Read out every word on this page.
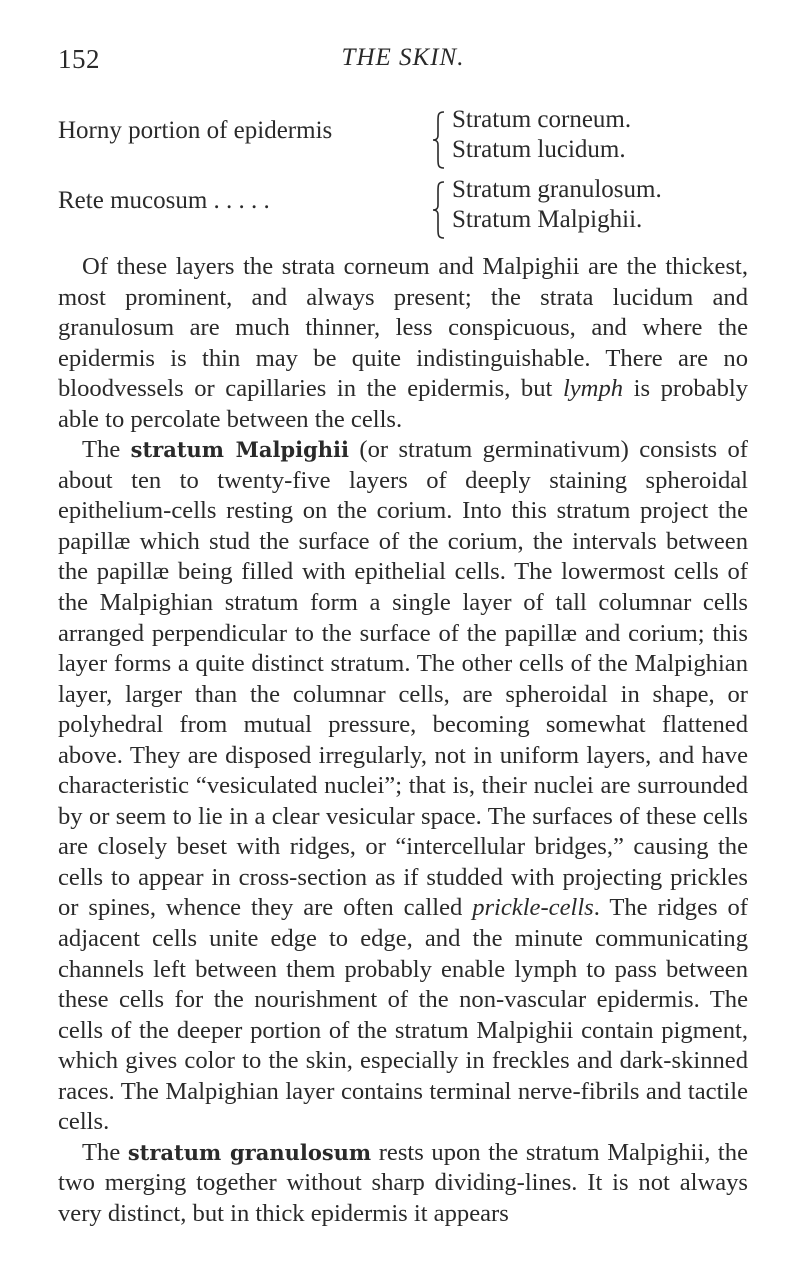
152	THE SKIN.
Horny portion of epidermis	Stratum corneum.
Stratum lucidum.
Rete mucosum . . . . .	Stratum granulosum.
Stratum Malpighii.

Of these layers the strata corneum and Malpighii are the thickest, most prominent, and always present; the strata lucidum and granulosum are much thinner, less conspicuous, and where the epidermis is thin may be quite indistinguishable. There are no bloodvessels or capillaries in the epidermis, but lymph is probably able to percolate between the cells.

The stratum Malpighii (or stratum germinativum) consists of about ten to twenty-five layers of deeply staining spheroidal epithelium-cells resting on the corium. Into this stratum project the papillæ which stud the surface of the corium, the intervals between the papillæ being filled with epithelial cells. The lowermost cells of the Malpighian stratum form a single layer of tall columnar cells arranged perpendicular to the surface of the papillæ and corium; this layer forms a quite distinct stratum. The other cells of the Malpighian layer, larger than the columnar cells, are spheroidal in shape, or polyhedral from mutual pressure, becoming somewhat flattened above. They are disposed irregularly, not in uniform layers, and have characteristic “vesiculated nuclei”; that is, their nuclei are surrounded by or seem to lie in a clear vesicular space. The surfaces of these cells are closely beset with ridges, or “intercellular bridges,” causing the cells to appear in cross-section as if studded with projecting prickles or spines, whence they are often called prickle-cells. The ridges of adjacent cells unite edge to edge, and the minute communicating channels left between them probably enable lymph to pass between these cells for the nourishment of the non-vascular epidermis. The cells of the deeper portion of the stratum Malpighii contain pigment, which gives color to the skin, especially in freckles and dark-skinned races. The Malpighian layer contains terminal nerve-fibrils and tactile cells.

The stratum granulosum rests upon the stratum Malpighii, the two merging together without sharp dividing-lines. It is not always very distinct, but in thick epidermis it appears
